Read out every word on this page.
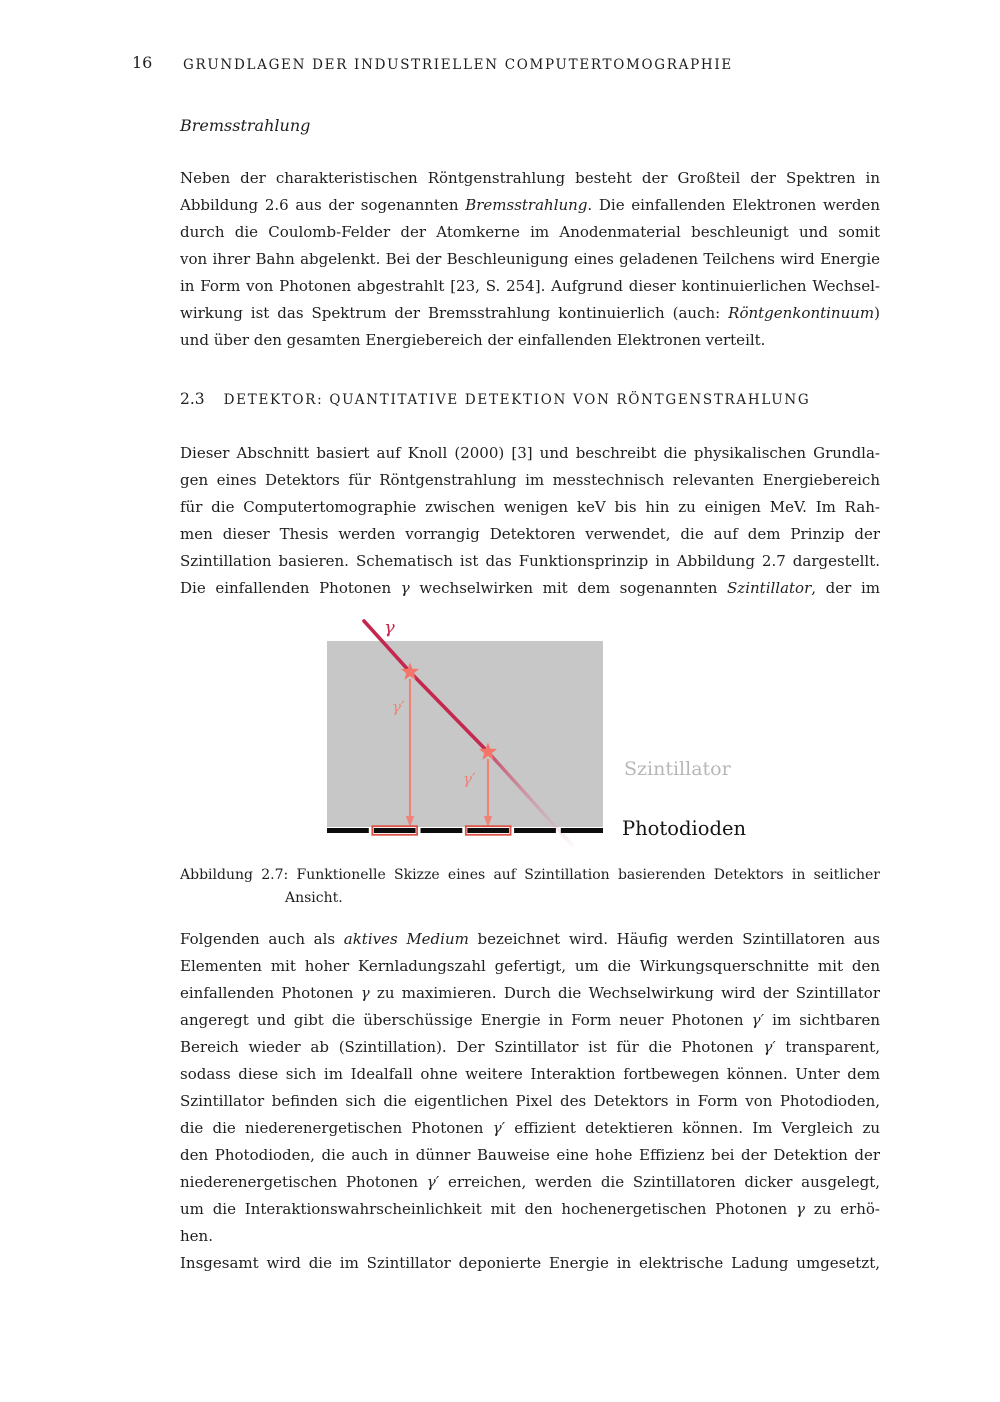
16 GRUNDLAGEN DER INDUSTRIELLEN COMPUTERTOMOGRAPHIE
Bremsstrahlung
Neben der charakteristischen Röntgenstrahlung besteht der Großteil der Spektren in
Abbildung 2.6 aus der sogenannten Bremsstrahlung. Die einfallenden Elektronen werden
durch die Coulomb-Felder der Atomkerne im Anodenmaterial beschleunigt und somit
von ihrer Bahn abgelenkt. Bei der Beschleunigung eines geladenen Teilchens wird Energie
in Form von Photonen abgestrahlt [23, S. 254]. Aufgrund dieser kontinuierlichen Wechsel-
wirkung ist das Spektrum der Bremsstrahlung kontinuierlich (auch: Röntgenkontinuum)
und über den gesamten Energiebereich der einfallenden Elektronen verteilt.
2.3 DETEKTOR: QUANTITATIVE DETEKTION VON RÖNTGENSTRAHLUNG
Dieser Abschnitt basiert auf Knoll (2000) [3] und beschreibt die physikalischen Grundla-
gen eines Detektors für Röntgenstrahlung im messtechnisch relevanten Energiebereich
für die Computertomographie zwischen wenigen keV bis hin zu einigen MeV. Im Rah-
men dieser Thesis werden vorrangig Detektoren verwendet, die auf dem Prinzip der
Szintillation basieren. Schematisch ist das Funktionsprinzip in Abbildung 2.7 dargestellt.
Die einfallenden Photonen γ wechselwirken mit dem sogenannten Szintillator, der im
γ
γ′
γ′	Szintillator
Photodioden
Abbildung 2.7: Funktionelle Skizze eines auf Szintillation basierenden Detektors in seitlicher
Ansicht.
Folgenden auch als aktives Medium bezeichnet wird. Häufig werden Szintillatoren aus
Elementen mit hoher Kernladungszahl gefertigt, um die Wirkungsquerschnitte mit den
einfallenden Photonen γ zu maximieren. Durch die Wechselwirkung wird der Szintillator
angeregt und gibt die überschüssige Energie in Form neuer Photonen γ′ im sichtbaren
Bereich wieder ab (Szintillation). Der Szintillator ist für die Photonen γ′ transparent,
sodass diese sich im Idealfall ohne weitere Interaktion fortbewegen können. Unter dem
Szintillator befinden sich die eigentlichen Pixel des Detektors in Form von Photodioden,
die die niederenergetischen Photonen γ′ effizient detektieren können. Im Vergleich zu
den Photodioden, die auch in dünner Bauweise eine hohe Effizienz bei der Detektion der
niederenergetischen Photonen γ′ erreichen, werden die Szintillatoren dicker ausgelegt,
um die Interaktionswahrscheinlichkeit mit den hochenergetischen Photonen γ zu erhö-
hen.
Insgesamt wird die im Szintillator deponierte Energie in elektrische Ladung umgesetzt,
